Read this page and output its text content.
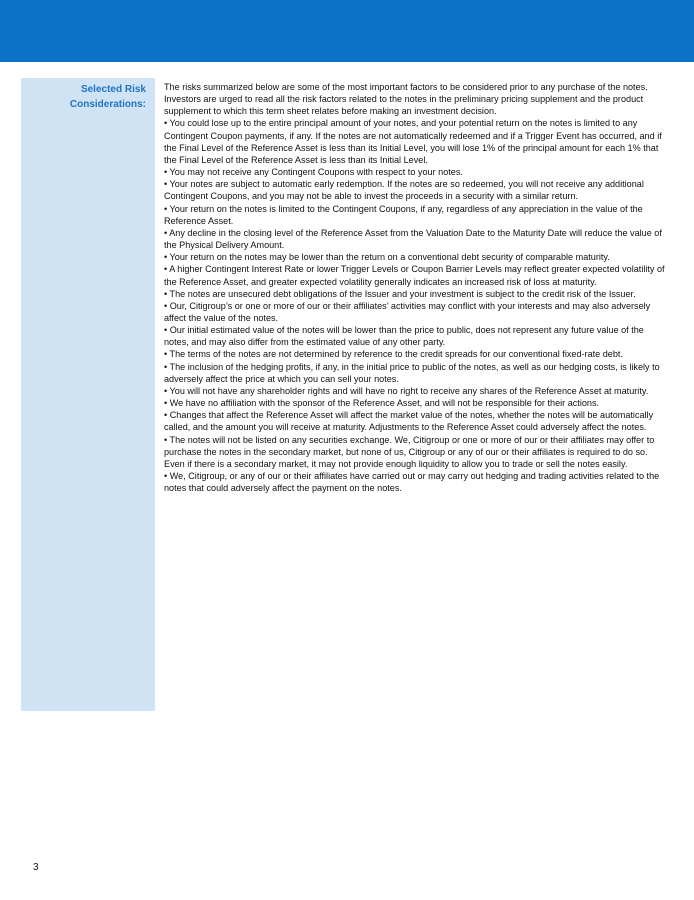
Selected Risk Considerations:

The risks summarized below are some of the most important factors to be considered prior to any purchase of the notes. Investors are urged to read all the risk factors related to the notes in the preliminary pricing supplement and the product supplement to which this term sheet relates before making an investment decision.

• You could lose up to the entire principal amount of your notes, and your potential return on the notes is limited to any Contingent Coupon payments, if any. If the notes are not automatically redeemed and if a Trigger Event has occurred, and if the Final Level of the Reference Asset is less than its Initial Level, you will lose 1% of the principal amount for each 1% that the Final Level of the Reference Asset is less than its Initial Level.

• You may not receive any Contingent Coupons with respect to your notes.

• Your notes are subject to automatic early redemption. If the notes are so redeemed, you will not receive any additional Contingent Coupons, and you may not be able to invest the proceeds in a security with a similar return.

• Your return on the notes is limited to the Contingent Coupons, if any, regardless of any appreciation in the value of the Reference Asset.

• Any decline in the closing level of the Reference Asset from the Valuation Date to the Maturity Date will reduce the value of the Physical Delivery Amount.

• Your return on the notes may be lower than the return on a conventional debt security of comparable maturity.

• A higher Contingent Interest Rate or lower Trigger Levels or Coupon Barrier Levels may reflect greater expected volatility of the Reference Asset, and greater expected volatility generally indicates an increased risk of loss at maturity.

• The notes are unsecured debt obligations of the Issuer and your investment is subject to the credit risk of the Issuer.

• Our, Citigroup’s or one or more of our or their affiliates’ activities may conflict with your interests and may also adversely affect the value of the notes.

• Our initial estimated value of the notes will be lower than the price to public, does not represent any future value of the notes, and may also differ from the estimated value of any other party.

• The terms of the notes are not determined by reference to the credit spreads for our conventional fixed-rate debt.

• The inclusion of the hedging profits, if any, in the initial price to public of the notes, as well as our hedging costs, is likely to adversely affect the price at which you can sell your notes.

• You will not have any shareholder rights and will have no right to receive any shares of the Reference Asset at maturity.

• We have no affiliation with the sponsor of the Reference Asset, and will not be responsible for their actions.

• Changes that affect the Reference Asset will affect the market value of the notes, whether the notes will be automatically called, and the amount you will receive at maturity. Adjustments to the Reference Asset could adversely affect the notes.

• The notes will not be listed on any securities exchange. We, Citigroup or one or more of our or their affiliates may offer to purchase the notes in the secondary market, but none of us, Citigroup or any of our or their affiliates is required to do so. Even if there is a secondary market, it may not provide enough liquidity to allow you to trade or sell the notes easily.

• We, Citigroup, or any of our or their affiliates have carried out or may carry out hedging and trading activities related to the notes that could adversely affect the payment on the notes.

3
